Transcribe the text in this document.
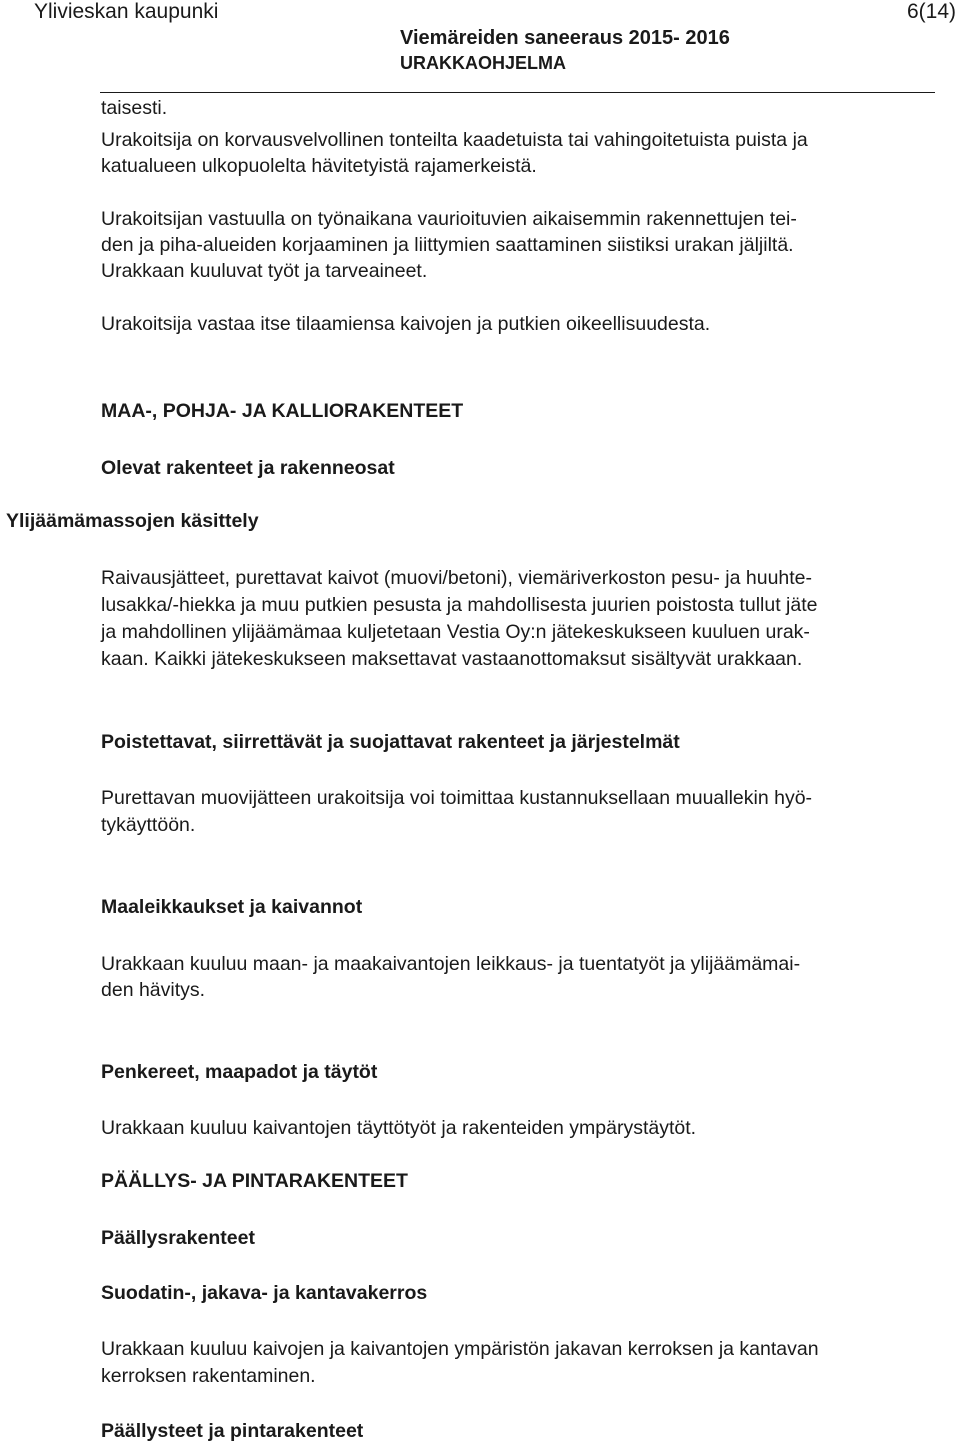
Ylivieskan kaupunki	6(14)
Viemäreiden saneeraus 2015- 2016
URAKKAOHJELMA
taisesti.
Urakoitsija on korvausvelvollinen tonteilta kaadetuista tai vahingoitetuista puista ja
katualueen ulkopuolelta hävitetyistä rajamerkeistä.
Urakoitsijan vastuulla on työnaikana vaurioituvien aikaisemmin rakennettujen tei-
den ja piha-alueiden korjaaminen ja liittymien saattaminen siistiksi urakan jäljiltä.
Urakkaan kuuluvat työt ja tarveaineet.
Urakoitsija vastaa itse tilaamiensa kaivojen ja putkien oikeellisuudesta.
MAA-, POHJA- JA KALLIORAKENTEET
Olevat rakenteet ja rakenneosat
Ylijäämämassojen käsittely
Raivausjätteet, purettavat kaivot (muovi/betoni), viemäriverkoston pesu- ja huuhte-
lusakka/-hiekka ja muu putkien pesusta ja mahdollisesta juurien poistosta tullut jäte
ja mahdollinen ylijäämämaa kuljetetaan Vestia Oy:n jätekeskukseen kuuluen urak-
kaan. Kaikki jätekeskukseen maksettavat vastaanottomaksut sisältyvät urakkaan.
Poistettavat, siirrettävät ja suojattavat rakenteet ja järjestelmät
Purettavan muovijätteen urakoitsija voi toimittaa kustannuksellaan muuallekin hyö-
tykäyttöön.
Maaleikkaukset ja kaivannot
Urakkaan kuuluu maan- ja maakaivantojen leikkaus- ja tuentatyöt ja ylijäämämai-
den hävitys.
Penkereet, maapadot ja täytöt
Urakkaan kuuluu kaivantojen täyttötyöt ja rakenteiden ympärystäytöt.
PÄÄLLYS- JA PINTARAKENTEET
Päällysrakenteet
Suodatin-, jakava- ja kantavakerros
Urakkaan kuuluu kaivojen ja kaivantojen ympäristön jakavan kerroksen ja kantavan
kerroksen rakentaminen.
Päällysteet ja pintarakenteet
